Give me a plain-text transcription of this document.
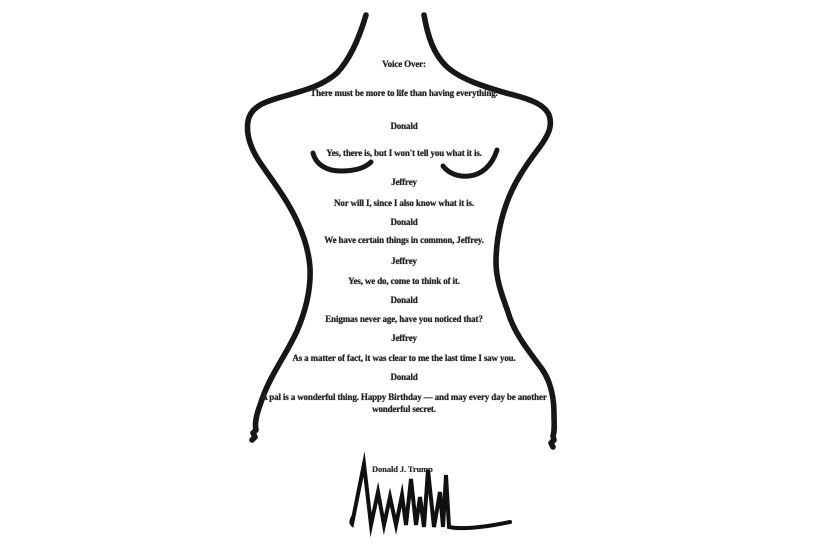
Voice Over:
There must be more to life than having everything.
Donald
Yes, there is, but I won't tell you what it is.
Jeffrey
Nor will I, since I also know what it is.
Donald
We have certain things in common, Jeffrey.
Jeffrey
Yes, we do, come to think of it.
Donald
Enigmas never age, have you noticed that?
Jeffrey
As a matter of fact, it was clear to me the last time I saw you.
Donald
A pal is a wonderful thing. Happy Birthday — and may every day be another
wonderful secret.
Donald J. Trump
